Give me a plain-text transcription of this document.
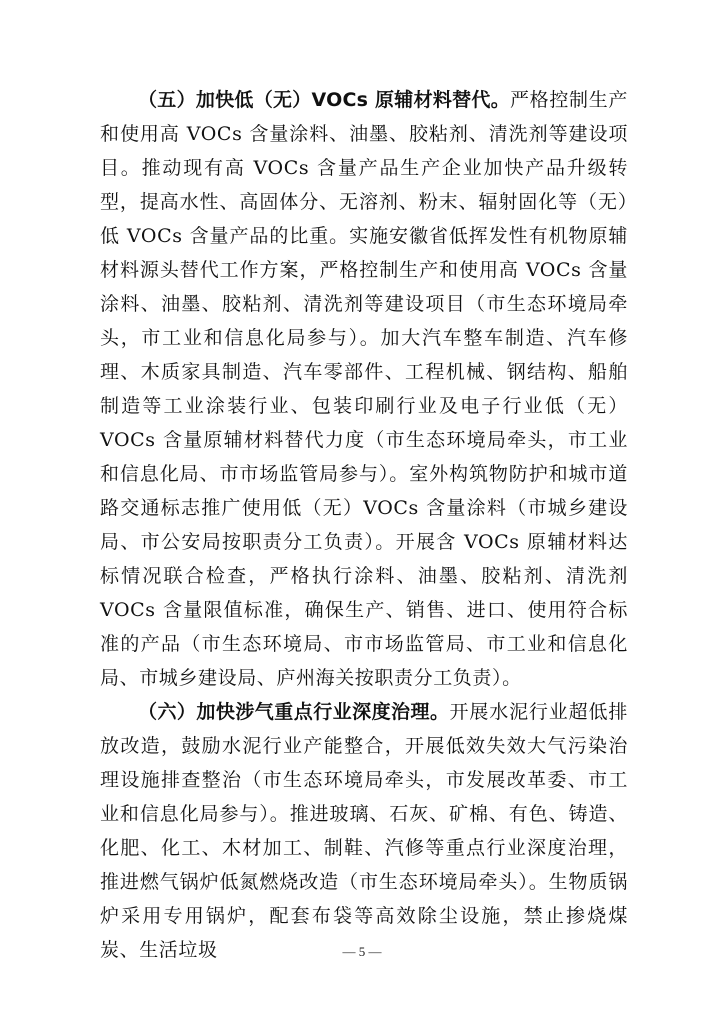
（五）加快低（无）VOCs 原辅材料替代。严格控制生产和使用高 VOCs 含量涂料、油墨、胶粘剂、清洗剂等建设项目。推动现有高 VOCs 含量产品生产企业加快产品升级转型，提高水性、高固体分、无溶剂、粉末、辐射固化等（无）低 VOCs 含量产品的比重。实施安徽省低挥发性有机物原辅材料源头替代工作方案，严格控制生产和使用高 VOCs 含量涂料、油墨、胶粘剂、清洗剂等建设项目（市生态环境局牵头，市工业和信息化局参与）。加大汽车整车制造、汽车修理、木质家具制造、汽车零部件、工程机械、钢结构、船舶制造等工业涂装行业、包装印刷行业及电子行业低（无）VOCs 含量原辅材料替代力度（市生态环境局牵头，市工业和信息化局、市市场监管局参与）。室外构筑物防护和城市道路交通标志推广使用低（无）VOCs 含量涂料（市城乡建设局、市公安局按职责分工负责）。开展含 VOCs 原辅材料达标情况联合检查，严格执行涂料、油墨、胶粘剂、清洗剂 VOCs 含量限值标准，确保生产、销售、进口、使用符合标准的产品（市生态环境局、市市场监管局、市工业和信息化局、市城乡建设局、庐州海关按职责分工负责）。

（六）加快涉气重点行业深度治理。开展水泥行业超低排放改造，鼓励水泥行业产能整合，开展低效失效大气污染治理设施排查整治（市生态环境局牵头，市发展改革委、市工业和信息化局参与）。推进玻璃、石灰、矿棉、有色、铸造、化肥、化工、木材加工、制鞋、汽修等重点行业深度治理，推进燃气锅炉低氮燃烧改造（市生态环境局牵头）。生物质锅炉采用专用锅炉，配套布袋等高效除尘设施，禁止掺烧煤炭、生活垃圾	— 5 —
